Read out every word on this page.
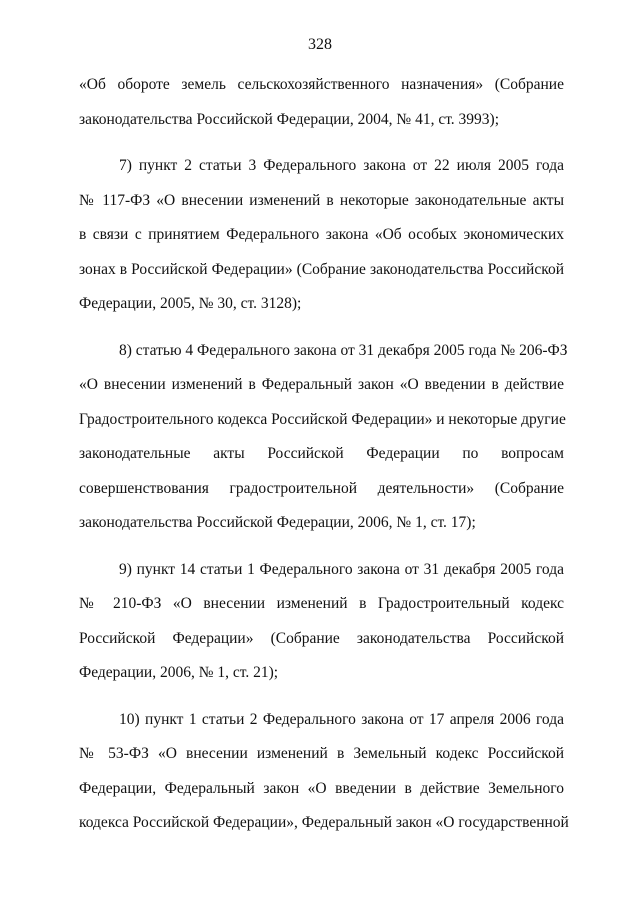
328
«Об обороте земель сельскохозяйственного назначения» (Собрание
законодательства Российской Федерации, 2004, № 41, ст. 3993);
7) пункт 2 статьи 3 Федерального закона от 22 июля 2005 года
№ 117-ФЗ «О внесении изменений в некоторые законодательные акты
в связи с принятием Федерального закона «Об особых экономических
зонах в Российской Федерации» (Собрание законодательства Российской
Федерации, 2005, № 30, ст. 3128);
8) статью 4 Федерального закона от 31 декабря 2005 года № 206-ФЗ
«О внесении изменений в Федеральный закон «О введении в действие
Градостроительного кодекса Российской Федерации» и некоторые другие
законодательные акты Российской Федерации по вопросам
совершенствования градостроительной деятельности» (Собрание
законодательства Российской Федерации, 2006, № 1, ст. 17);
9) пункт 14 статьи 1 Федерального закона от 31 декабря 2005 года
№ 210-ФЗ «О внесении изменений в Градостроительный кодекс
Российской Федерации» (Собрание законодательства Российской
Федерации, 2006, № 1, ст. 21);
10) пункт 1 статьи 2 Федерального закона от 17 апреля 2006 года
№ 53-ФЗ «О внесении изменений в Земельный кодекс Российской
Федерации, Федеральный закон «О введении в действие Земельного
кодекса Российской Федерации», Федеральный закон «О государственной
